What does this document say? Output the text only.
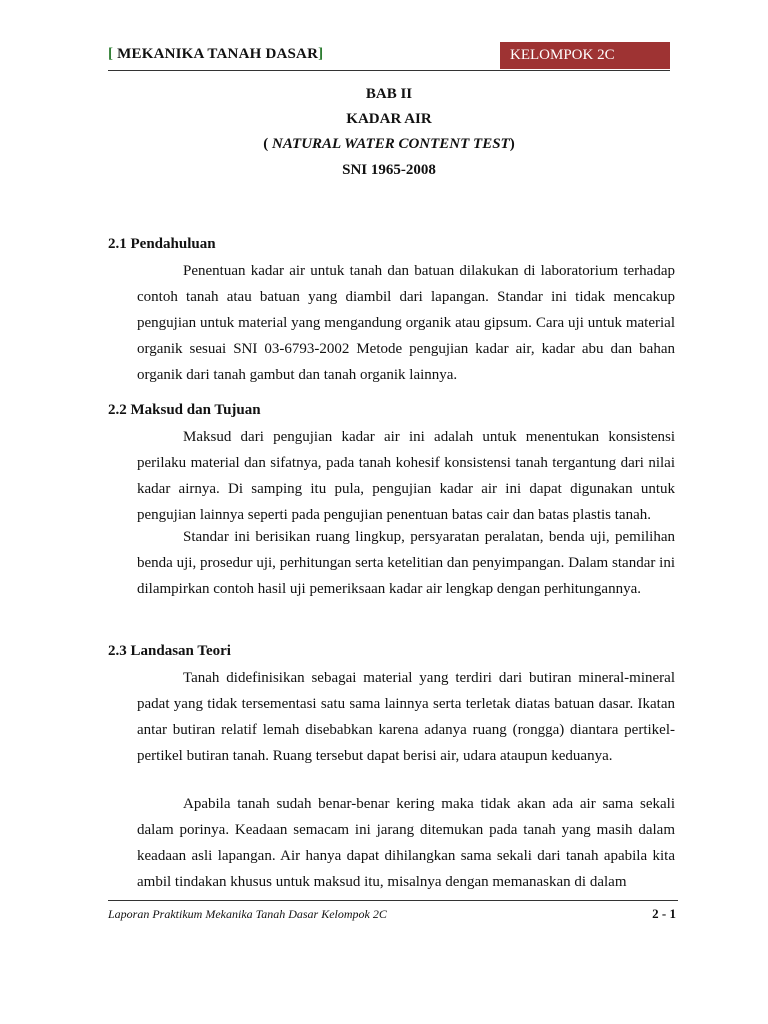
[ MEKANIKA TANAH DASAR]	KELOMPOK 2C
BAB II
KADAR AIR
( NATURAL WATER CONTENT TEST)
SNI 1965-2008
2.1 Pendahuluan

Penentuan kadar air untuk tanah dan batuan dilakukan di laboratorium terhadap contoh tanah atau batuan yang diambil dari lapangan. Standar ini tidak mencakup pengujian untuk material yang mengandung organik atau gipsum. Cara uji untuk material organik sesuai SNI 03-6793-2002 Metode pengujian kadar air, kadar abu dan bahan organik dari tanah gambut dan tanah organik lainnya.

2.2 Maksud dan Tujuan

Maksud dari pengujian kadar air ini adalah untuk menentukan konsistensi perilaku material dan sifatnya, pada tanah kohesif konsistensi tanah tergantung dari nilai kadar airnya. Di samping itu pula, pengujian kadar air ini dapat digunakan untuk pengujian lainnya seperti pada pengujian penentuan batas cair dan batas plastis tanah.

Standar ini berisikan ruang lingkup, persyaratan peralatan, benda uji, pemilihan benda uji, prosedur uji, perhitungan serta ketelitian dan penyimpangan. Dalam standar ini dilampirkan contoh hasil uji pemeriksaan kadar air lengkap dengan perhitungannya.

2.3 Landasan Teori

Tanah didefinisikan sebagai material yang terdiri dari butiran mineral-mineral padat yang tidak tersementasi satu sama lainnya serta terletak diatas batuan dasar. Ikatan antar butiran relatif lemah disebabkan karena adanya ruang (rongga) diantara pertikel-pertikel butiran tanah. Ruang tersebut dapat berisi air, udara ataupun keduanya.

Apabila tanah sudah benar-benar kering maka tidak akan ada air sama sekali dalam porinya. Keadaan semacam ini jarang ditemukan pada tanah yang masih dalam keadaan asli lapangan. Air hanya dapat dihilangkan sama sekali dari tanah apabila kita ambil tindakan khusus untuk maksud itu, misalnya dengan memanaskan di dalam

Laporan Praktikum Mekanika Tanah Dasar Kelompok 2C	2 - 1
